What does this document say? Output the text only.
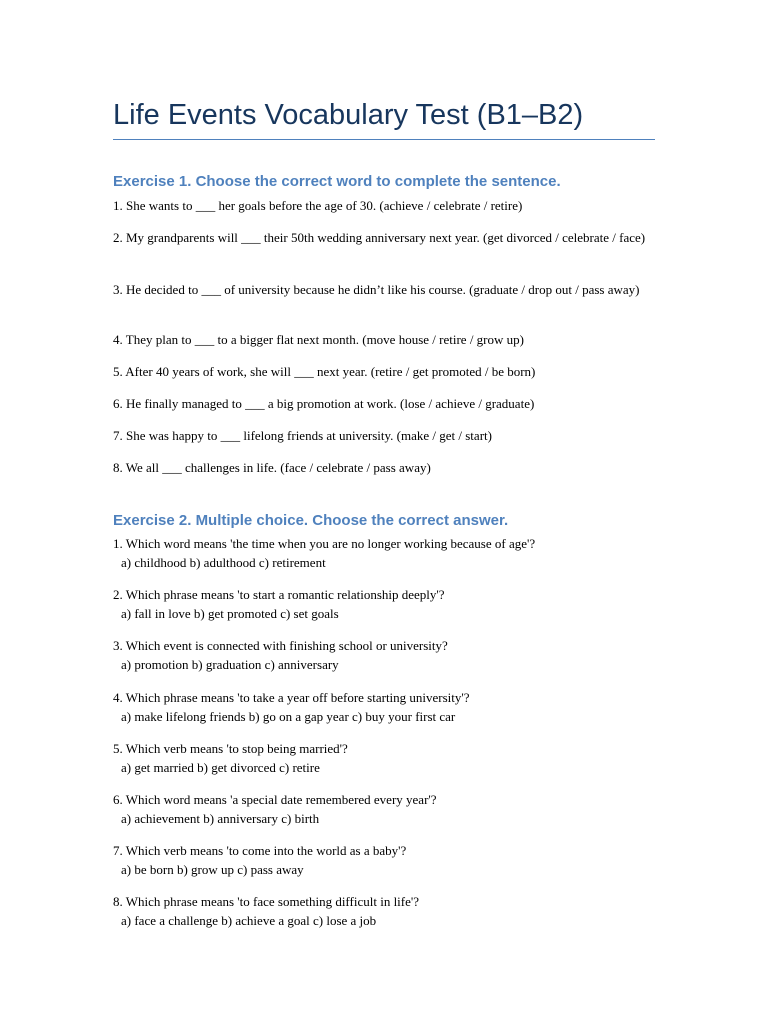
Life Events Vocabulary Test (B1–B2)
Exercise 1. Choose the correct word to complete the sentence.
1. She wants to ___ her goals before the age of 30. (achieve / celebrate / retire)
2. My grandparents will ___ their 50th wedding anniversary next year. (get divorced / celebrate / face)
3. He decided to ___ of university because he didn’t like his course. (graduate / drop out / pass away)
4. They plan to ___ to a bigger flat next month. (move house / retire / grow up)
5. After 40 years of work, she will ___ next year. (retire / get promoted / be born)
6. He finally managed to ___ a big promotion at work. (lose / achieve / graduate)
7. She was happy to ___ lifelong friends at university. (make / get / start)
8. We all ___ challenges in life. (face / celebrate / pass away)
Exercise 2. Multiple choice. Choose the correct answer.
1. Which word means 'the time when you are no longer working because of age'?
a) childhood b) adulthood c) retirement
2. Which phrase means 'to start a romantic relationship deeply'?
a) fall in love b) get promoted c) set goals
3. Which event is connected with finishing school or university?
a) promotion b) graduation c) anniversary
4. Which phrase means 'to take a year off before starting university'?
a) make lifelong friends b) go on a gap year c) buy your first car
5. Which verb means 'to stop being married'?
a) get married b) get divorced c) retire
6. Which word means 'a special date remembered every year'?
a) achievement b) anniversary c) birth
7. Which verb means 'to come into the world as a baby'?
a) be born b) grow up c) pass away
8. Which phrase means 'to face something difficult in life'?
a) face a challenge b) achieve a goal c) lose a job
